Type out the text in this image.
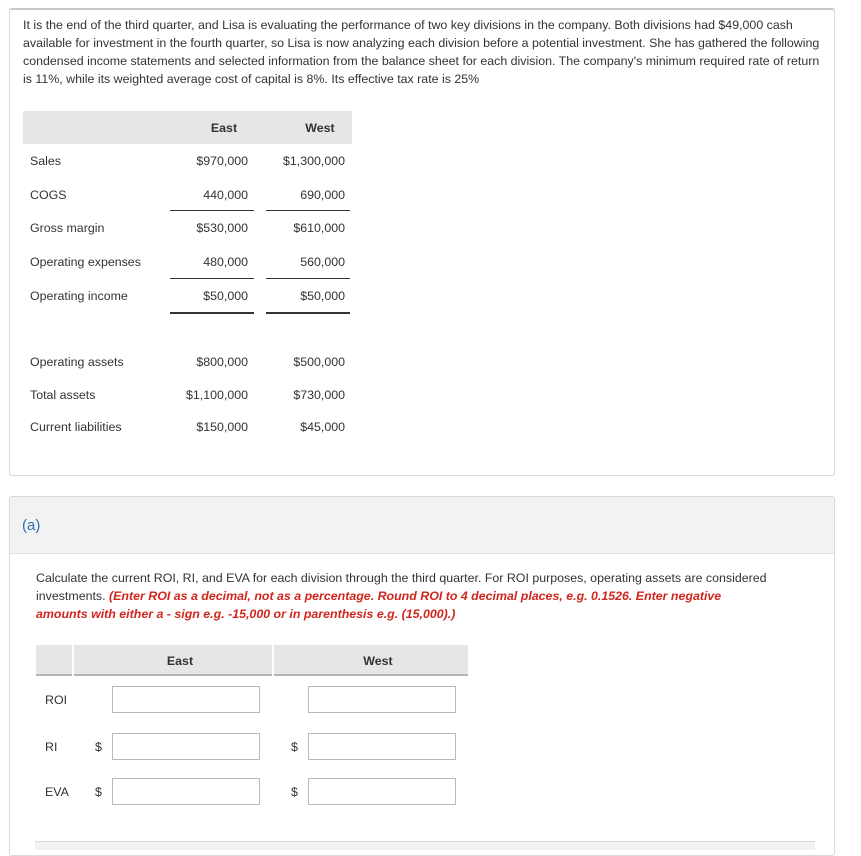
It is the end of the third quarter, and Lisa is evaluating the performance of two key divisions in the company. Both divisions had $49,000 cash available for investment in the fourth quarter, so Lisa is now analyzing each division before a potential investment. She has gathered the following condensed income statements and selected information from the balance sheet for each division. The company's minimum required rate of return is 11%, while its weighted average cost of capital is 8%. Its effective tax rate is 25%

East	West
Sales	$970,000	$1,300,000
COGS	440,000	690,000
Gross margin	$530,000	$610,000
Operating expenses	480,000	560,000
Operating income	$50,000	$50,000
Operating assets	$800,000	$500,000
Total assets	$1,100,000	$730,000
Current liabilities	$150,000	$45,000
(a)

Calculate the current ROI, RI, and EVA for each division through the third quarter. For ROI purposes, operating assets are considered investments. (Enter ROI as a decimal, not as a percentage. Round ROI to 4 decimal places, e.g. 0.1526. Enter negative amounts with either a - sign e.g. -15,000 or in parenthesis e.g. (15,000).)

East	West
ROI
RI	$	$
EVA $	$
